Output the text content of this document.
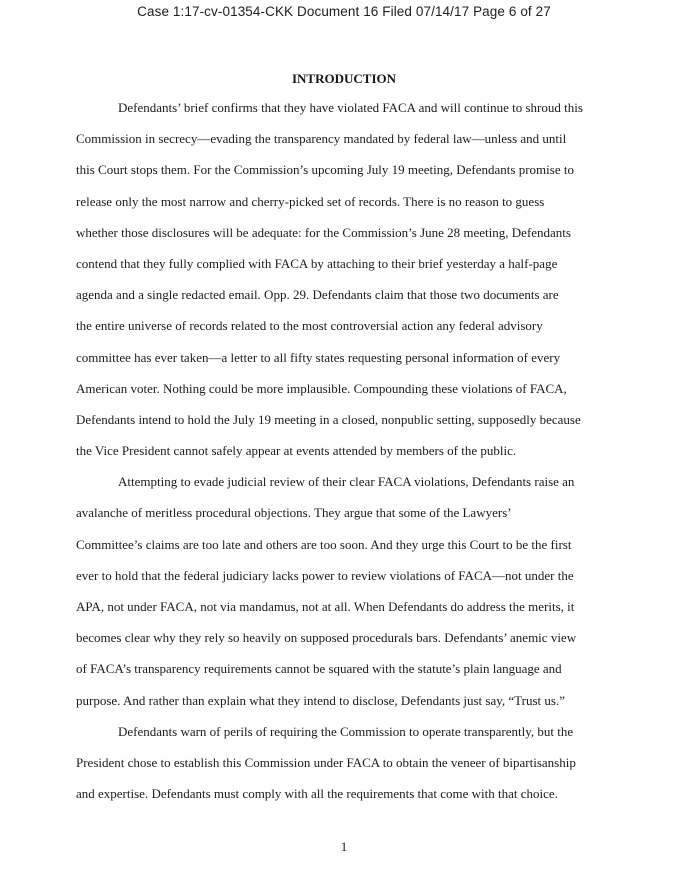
Case 1:17-cv-01354-CKK Document 16 Filed 07/14/17 Page 6 of 27
INTRODUCTION
Defendants’ brief confirms that they have violated FACA and will continue to shroud this
Commission in secrecy—evading the transparency mandated by federal law—unless and until
this Court stops them. For the Commission’s upcoming July 19 meeting, Defendants promise to
release only the most narrow and cherry-picked set of records. There is no reason to guess
whether those disclosures will be adequate: for the Commission’s June 28 meeting, Defendants
contend that they fully complied with FACA by attaching to their brief yesterday a half-page
agenda and a single redacted email. Opp. 29. Defendants claim that those two documents are
the entire universe of records related to the most controversial action any federal advisory
committee has ever taken—a letter to all fifty states requesting personal information of every
American voter. Nothing could be more implausible. Compounding these violations of FACA,
Defendants intend to hold the July 19 meeting in a closed, nonpublic setting, supposedly because
the Vice President cannot safely appear at events attended by members of the public.
Attempting to evade judicial review of their clear FACA violations, Defendants raise an
avalanche of meritless procedural objections. They argue that some of the Lawyers’
Committee’s claims are too late and others are too soon. And they urge this Court to be the first
ever to hold that the federal judiciary lacks power to review violations of FACA—not under the
APA, not under FACA, not via mandamus, not at all. When Defendants do address the merits, it
becomes clear why they rely so heavily on supposed procedurals bars. Defendants’ anemic view
of FACA’s transparency requirements cannot be squared with the statute’s plain language and
purpose. And rather than explain what they intend to disclose, Defendants just say, “Trust us.”
Defendants warn of perils of requiring the Commission to operate transparently, but the
President chose to establish this Commission under FACA to obtain the veneer of bipartisanship
and expertise. Defendants must comply with all the requirements that come with that choice.
1
